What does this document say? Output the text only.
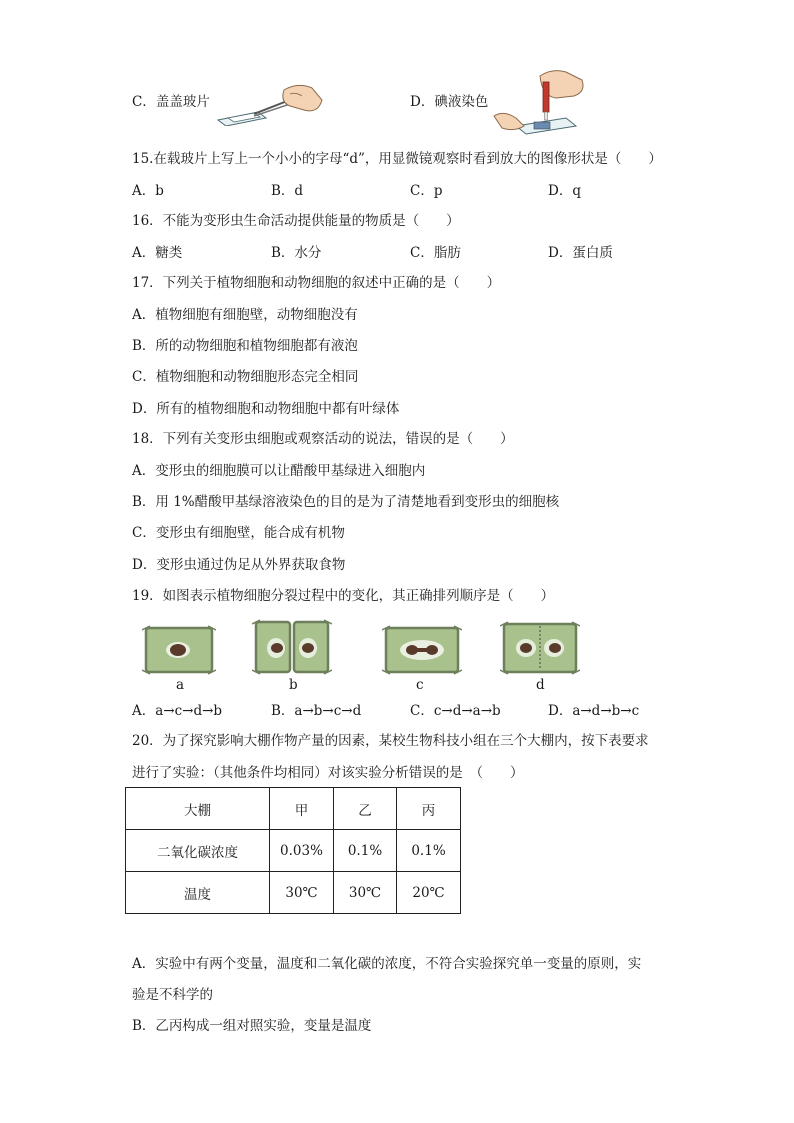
C．盖盖玻片	D．碘液染色
15.在载玻片上写上一个小小的字母“d”，用显微镜观察时看到放大的图像形状是（　　）
A．b	B．d	C．p	D．q
16．不能为变形虫生命活动提供能量的物质是（　　）
A．糖类	B．水分	C．脂肪	D．蛋白质
17．下列关于植物细胞和动物细胞的叙述中正确的是（　　）
A．植物细胞有细胞壁，动物细胞没有
B．所的动物细胞和植物细胞都有液泡
C．植物细胞和动物细胞形态完全相同
D．所有的植物细胞和动物细胞中都有叶绿体
18．下列有关变形虫细胞或观察活动的说法，错误的是（　　）
A．变形虫的细胞膜可以让醋酸甲基绿进入细胞内
B．用 1%醋酸甲基绿溶液染色的目的是为了清楚地看到变形虫的细胞核
C．变形虫有细胞壁，能合成有机物
D．变形虫通过伪足从外界获取食物
19．如图表示植物细胞分裂过程中的变化，其正确排列顺序是（　　）
a	b	c	d
A．a→c→d→b	B．a→b→c→d	C．c→d→a→b	D．a→d→b→c
20．为了探究影响大棚作物产量的因素，某校生物科技小组在三个大棚内，按下表要求
进行了实验：（其他条件均相同）对该实验分析错误的是　（　　）
大棚	甲	乙	丙
二氧化碳浓度	0.03%	0.1%	0.1%
温度	30℃	30℃	20℃
A．实验中有两个变量，温度和二氧化碳的浓度，不符合实验探究单一变量的原则，实
验是不科学的
B．乙丙构成一组对照实验，变量是温度
